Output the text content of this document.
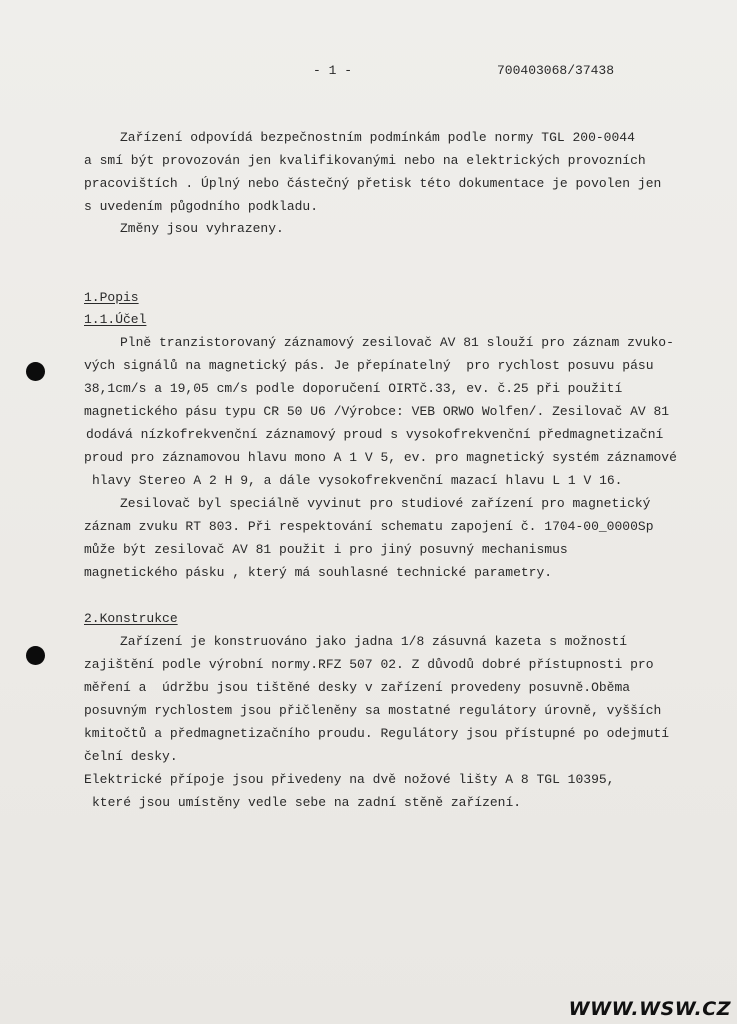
- 1 -	700403068/37438
Zařízení odpovídá bezpečnostním podmínkám podle normy TGL 200-0044
a smí být provozován jen kvalifikovanými nebo na elektrických provozních
pracovištích . Úplný nebo částečný přetisk této dokumentace je povolen jen
s uvedením půgodního podkladu.
Změny jsou vyhrazeny.
1.Popis
1.1.Účel
Plně tranzistorovaný záznamový zesilovač AV 81 slouží pro záznam zvuko-
vých signálů na magnetický pás. Je přepínatelný  pro rychlost posuvu pásu
38,1cm/s a 19,05 cm/s podle doporučení OIRTč.33, ev. č.25 při použití
magnetického pásu typu CR 50 U6 /Výrobce: VEB ORWO Wolfen/. Zesilovač AV 81
dodává nízkofrekvenční záznamový proud s vysokofrekvenční předmagnetizační
proud pro záznamovou hlavu mono A 1 V 5, ev. pro magnetický systém záznamové
hlavy Stereo A 2 H 9, a dále vysokofrekvenční mazací hlavu L 1 V 16.
Zesilovač byl speciálně vyvinut pro studiové zařízení pro magnetický
záznam zvuku RT 803. Při respektování schematu zapojení č. 1704-00_0000Sp
může být zesilovač AV 81 použit i pro jiný posuvný mechanismus
magnetického pásku , který má souhlasné technické parametry.
2.Konstrukce
Zařízení je konstruováno jako jadna 1/8 zásuvná kazeta s možností
zajištění podle výrobní normy.RFZ 507 02. Z důvodů dobré přístupnosti pro
měření a  údržbu jsou tištěné desky v zařízení provedeny posuvně.Oběma
posuvným rychlostem jsou přičleněny sa mostatné regulátory úrovně, vyšších
kmitočtů a předmagnetizačního proudu. Regulátory jsou přístupné po odejmutí
čelní desky.
Elektrické přípoje jsou přivedeny na dvě nožové lišty A 8 TGL 10395,
které jsou umístěny vedle sebe na zadní stěně zařízení.
WWW.WSW.CZ
